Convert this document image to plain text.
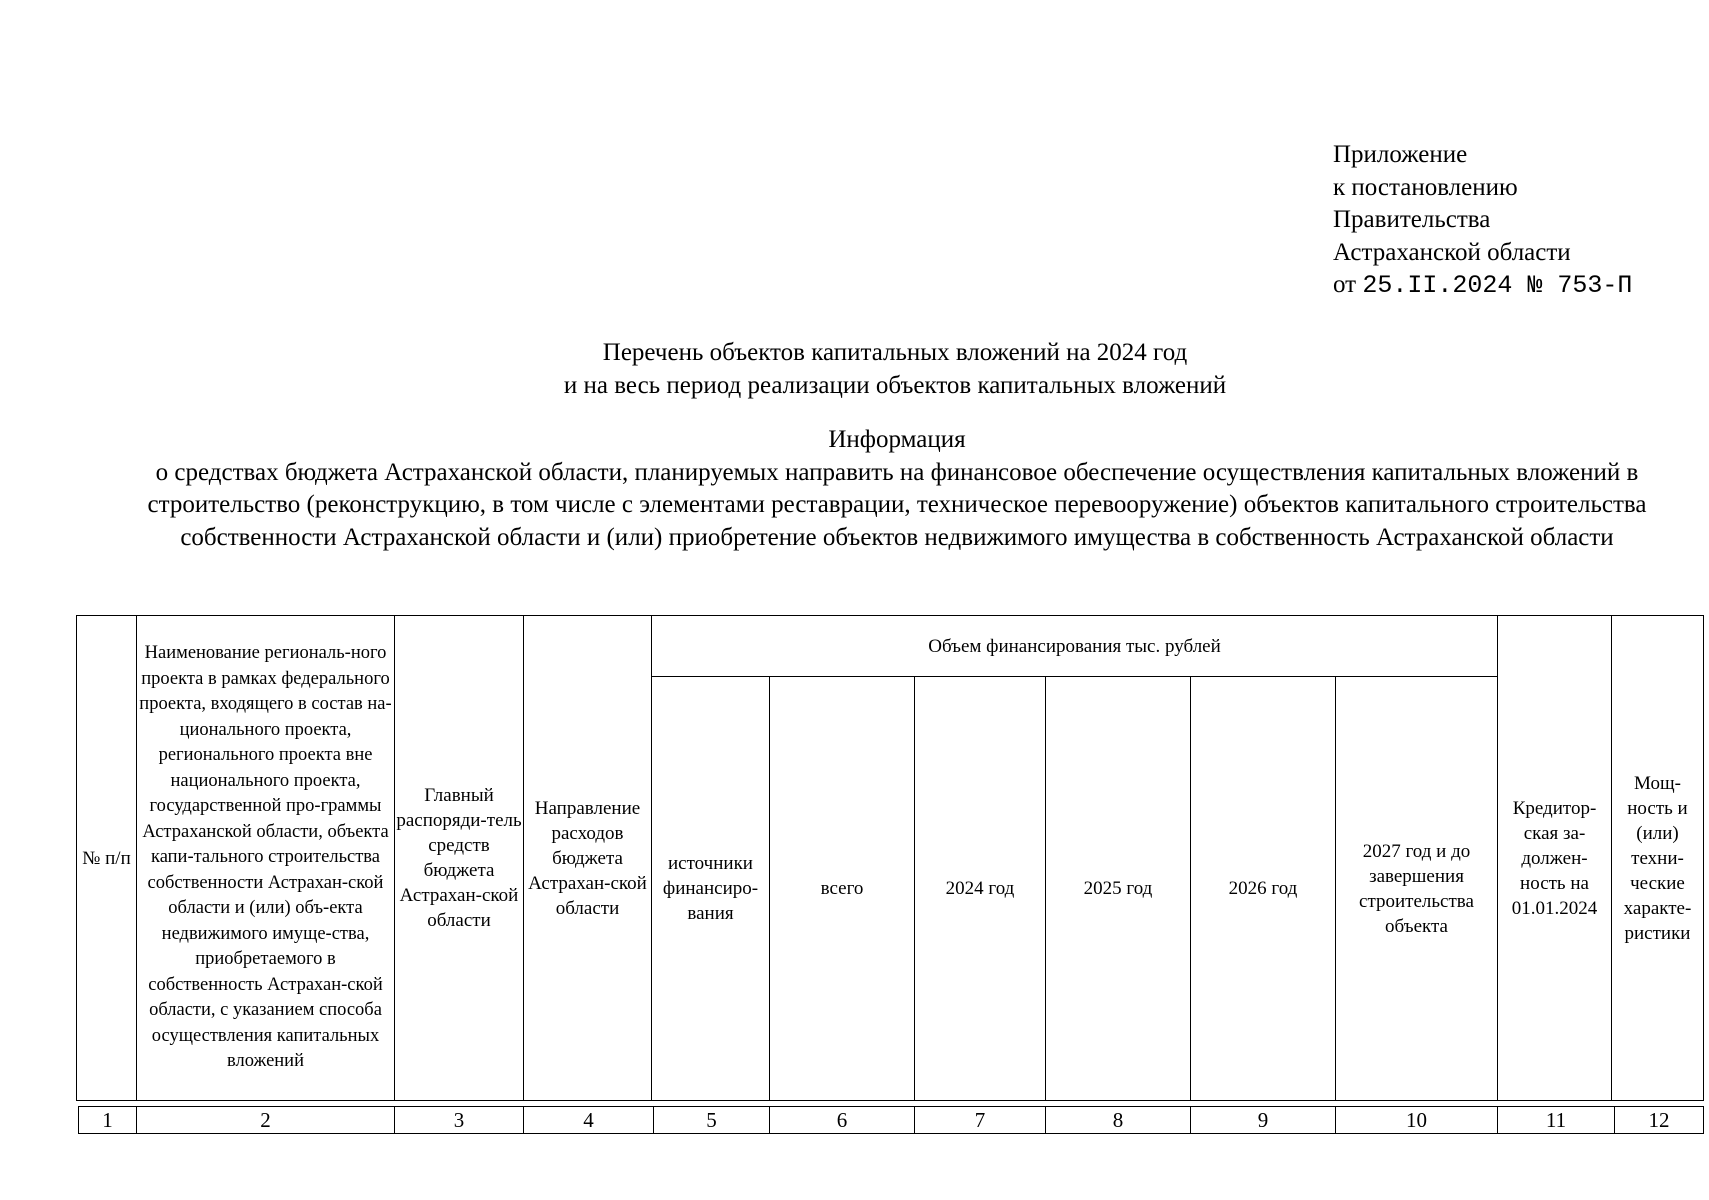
Приложение
к постановлению
Правительства
Астраханской области
от 25.II.2024 № 753-П
Перечень объектов капитальных вложений на 2024 год
и на весь период реализации объектов капитальных вложений
Информация
о средствах бюджета Астраханской области, планируемых направить на финансовое обеспечение осуществления капитальных вложений в строительство (реконструкцию, в том числе с элементами реставрации, техническое перевооружение) объектов капитального строительства собственности Астраханской области и (или) приобретение объектов недвижимого имущества в собственность Астраханской области
№ п/п	Наименование региональ-ного проекта в рамках федерального проекта, входящего в состав на-ционального проекта, регионального проекта вне национального проекта, государственной про-граммы Астраханской области, объекта капи-тального строительства собственности Астрахан-ской области и (или) объ-екта недвижимого имуще-ства, приобретаемого в собственность Астрахан-ской области, с указанием способа осуществления капитальных вложений	Главный распоряди-тель средств бюджета Астрахан-ской области	Направление расходов бюджета Астрахан-ской области	Объем финансирования тыс. рублей						Кредитор-ская за-должен-ность на 01.01.2024	Мощ-ность и (или) техни-ческие характе-ристики
				источники финансиро-вания	всего	2024 год	2025 год	2026 год	2027 год и до завершения строительства объекта		
1	2	3	4	5	6	7	8	9	10	11	12
